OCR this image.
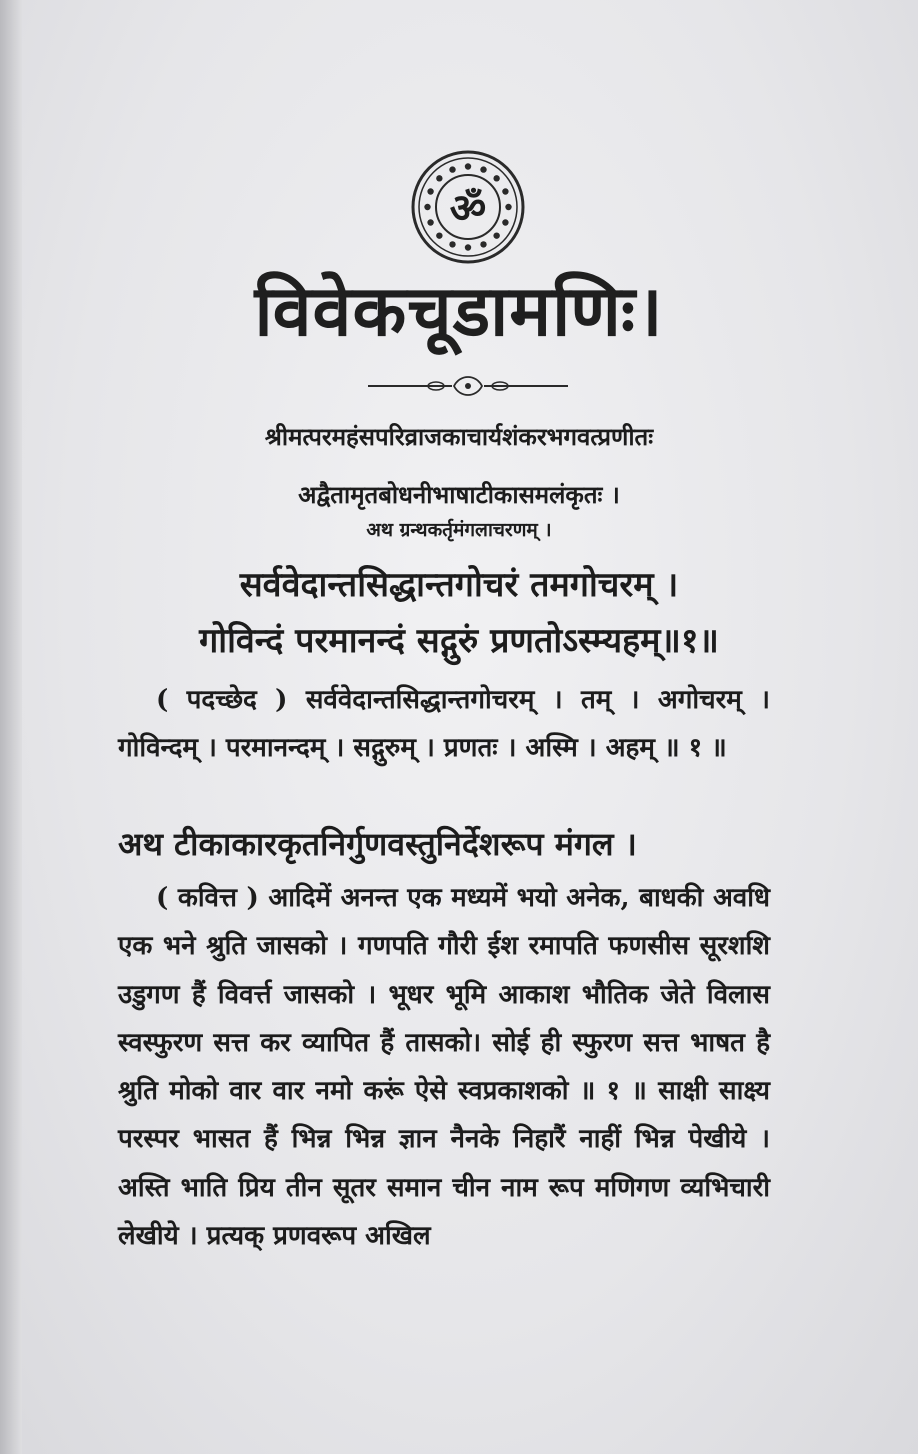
ॐ
विवेकचूडामणिः।
श्रीमत्परमहंसपरिव्राजकाचार्यशंकरभगवत्प्रणीतः
अद्वैतामृतबोधनीभाषाटीकासमलंकृतः ।
अथ ग्रन्थकर्तृमंगलाचरणम् ।
सर्ववेदान्तसिद्धान्तगोचरं तमगोचरम् ।
गोविन्दं परमानन्दं सद्गुरुं प्रणतोऽस्म्यहम्॥१॥
( पदच्छेद ) सर्ववेदान्तसिद्धान्तगोचरम् । तम् । अगोचरम् । गोविन्दम् । परमानन्दम् । सद्गुरुम् । प्रणतः । अस्मि । अहम् ॥ १ ॥
अथ टीकाकारकृतनिर्गुणवस्तुनिर्देशरूप मंगल ।
( कवित्त ) आदिमें अनन्त एक मध्यमें भयो अनेक, बाधकी अवधि एक भने श्रुति जासको । गणपति गौरी ईश रमापति फणसीस सूरशशि उडुगण हैं विवर्त्त जासको । भूधर भूमि आकाश भौतिक जेते विलास स्वस्फुरण सत्त कर व्यापित हैं तासको। सोई ही स्फुरण सत्त भाषत है श्रुति मोको वार वार नमो करूं ऐसे स्वप्रकाशको ॥ १ ॥ साक्षी साक्ष्य परस्पर भासत हैं भिन्न भिन्न ज्ञान नैनके निहारैं नाहीं भिन्न पेखीये । अस्ति भाति प्रिय तीन सूतर समान चीन नाम रूप मणिगण व्यभिचारी लेखीये । प्रत्यक् प्रणवरूप अखिल
